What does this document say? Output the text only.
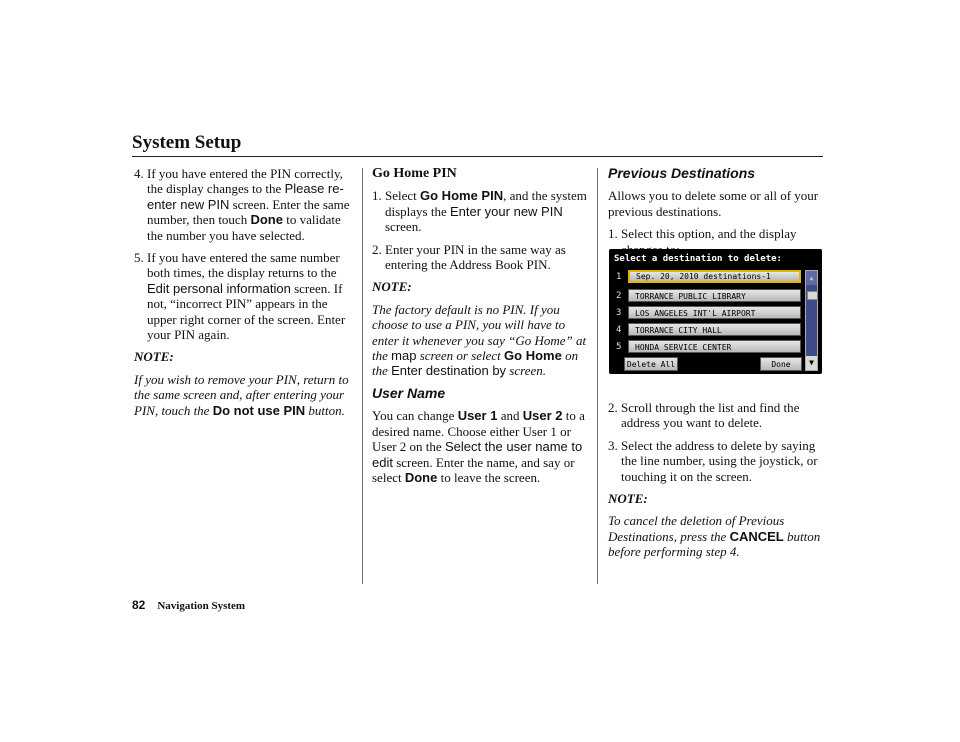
System Setup

4. If you have entered the PIN correctly, the display changes to the Please re-enter new PIN screen. Enter the same number, then touch Done to validate the number you have selected.

5. If you have entered the same number both times, the display returns to the Edit personal information screen. If not, “incorrect PIN” appears in the upper right corner of the screen. Enter your PIN again.

NOTE:

If you wish to remove your PIN, return to the same screen and, after entering your PIN, touch the Do not use PIN button.

Go Home PIN

1. Select Go Home PIN, and the system displays the Enter your new PIN screen.

2. Enter your PIN in the same way as entering the Address Book PIN.

NOTE:

The factory default is no PIN. If you choose to use a PIN, you will have to enter it whenever you say “Go Home” at the map screen or select Go Home on the Enter destination by screen.

User Name

You can change User 1 and User 2 to a desired name. Choose either User 1 or User 2 on the Select the user name to edit screen. Enter the name, and say or select Done to leave the screen.

Previous Destinations

Allows you to delete some or all of your previous destinations.

1. Select this option, and the display

2. Scroll through the list and find the address you want to delete.

3. Select the address to delete by saying the line number, using the joystick, or touching it on the screen.

NOTE:

To cancel the deletion of Previous Destinations, press the CANCEL button before performing step 4.

Select a destination to delete:
1	Sep. 20, 2010 destinations-1
2	TORRANCE PUBLIC LIBRARY
3	LOS ANGELES INT'L AIRPORT
4	TORRANCE CITY HALL
5	HONDA SERVICE CENTER
▲
▼
Delete All	Done
82 Navigation System
